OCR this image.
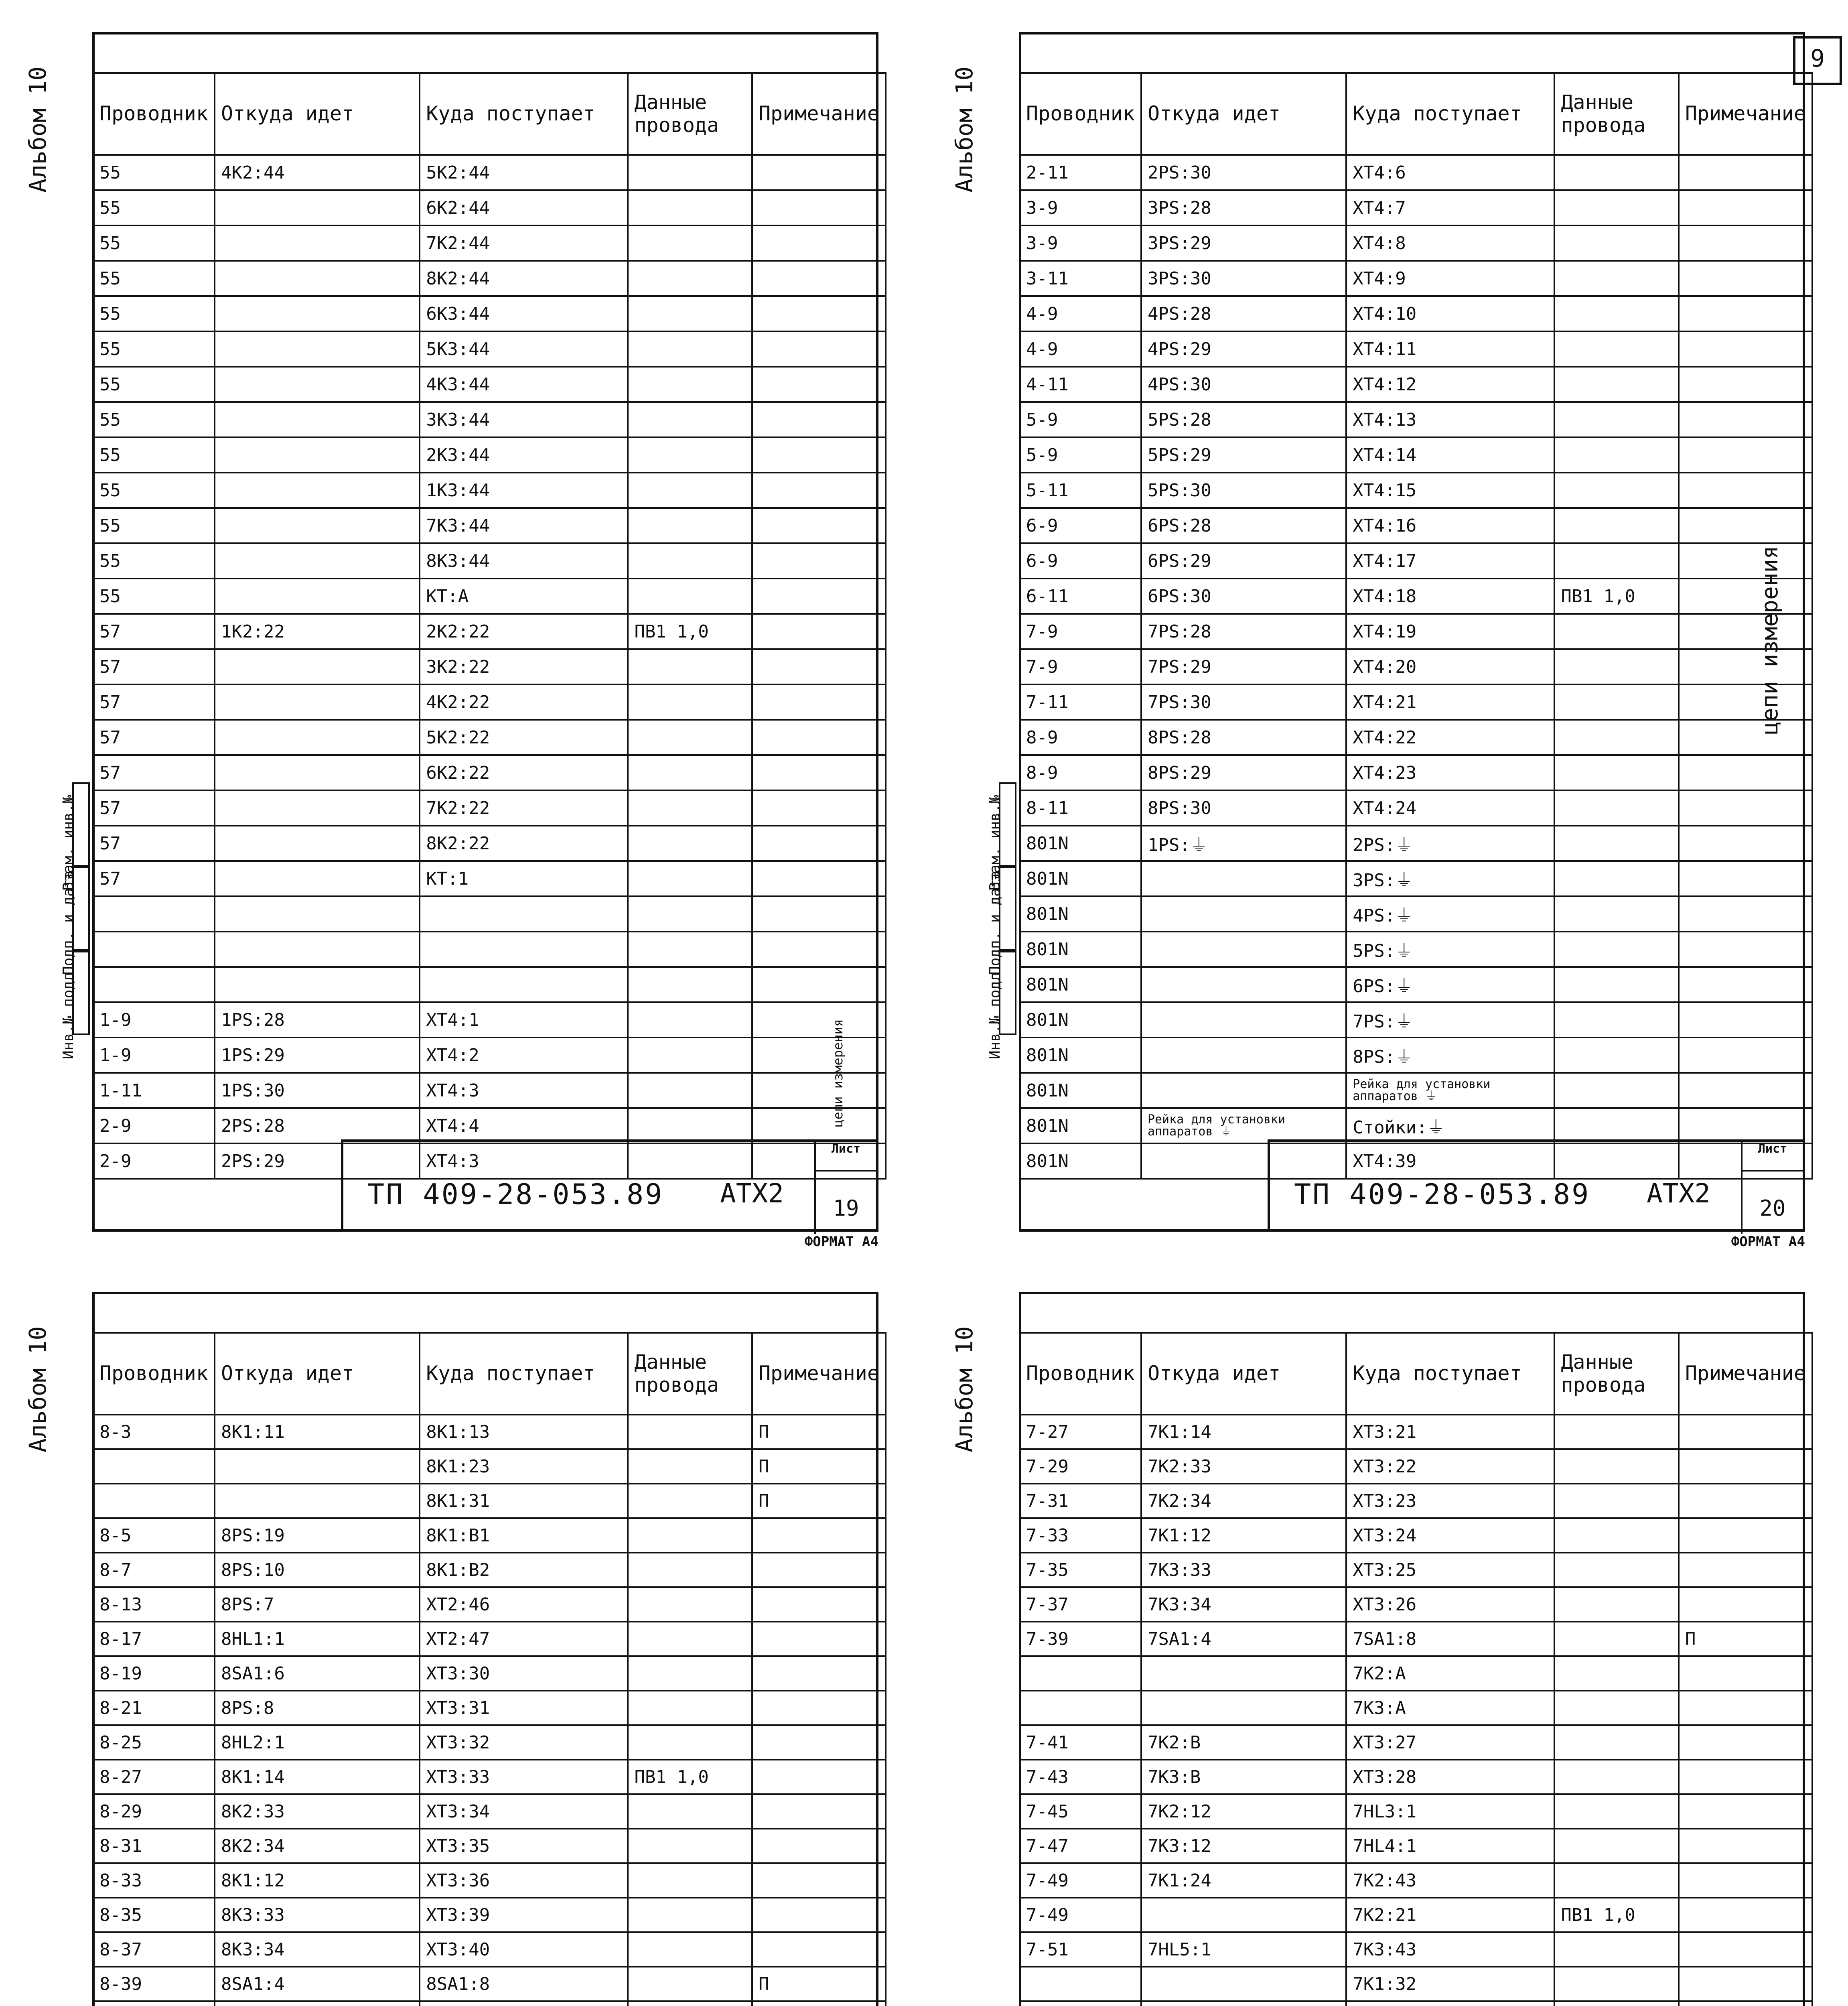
9
Альбом 10
Инв.№ подл.
Подп. и дата
Взам. инв.№
Проводник	Откуда идет	Куда поступает	Данные провода	Примечание
55	4К2:44	5К2:44		
55		6К2:44		
55		7К2:44		
55		8К2:44		
55		6К3:44		
55		5К3:44		
55		4К3:44		
55		3К3:44		
55		2К3:44		
55		1К3:44		
55		7К3:44		
55		8К3:44		
55		КТ:А		
57	1К2:22	2К2:22	ПВ1 1,0	
57		3К2:22		
57		4К2:22		
57		5К2:22		
57		6К2:22		
57		7К2:22		
57		8К2:22		
57		КТ:1		

1-9	1PS:28	ХТ4:1		
1-9	1PS:29	ХТ4:2		
1-11	1PS:30	ХТ4:3		
2-9	2PS:28	ХТ4:4		
2-9	2PS:29	ХТ4:3		
цепи измерения
ТП 409-28-053.89 АТХ2
Лист
19
ФОРМАТ А4
Альбом 10
Инв.№ подл.
Подп. и дата
Взам. инв.№
Проводник	Откуда идет	Куда поступает	Данные провода	Примечание
2-11	2PS:30	ХТ4:6		
3-9	3PS:28	ХТ4:7		
3-9	3PS:29	ХТ4:8		
3-11	3PS:30	ХТ4:9		
4-9	4PS:28	ХТ4:10		
4-9	4PS:29	ХТ4:11		
4-11	4PS:30	ХТ4:12		
5-9	5PS:28	ХТ4:13		
5-9	5PS:29	ХТ4:14		
5-11	5PS:30	ХТ4:15		
6-9	6PS:28	ХТ4:16		
6-9	6PS:29	ХТ4:17		
6-11	6PS:30	ХТ4:18	ПВ1 1,0	
7-9	7PS:28	ХТ4:19		
7-9	7PS:29	ХТ4:20		
7-11	7PS:30	ХТ4:21		
8-9	8PS:28	ХТ4:22		
8-9	8PS:29	ХТ4:23		
8-11	8PS:30	ХТ4:24		
801N	1PS:⏚	2PS:⏚		
801N		3PS:⏚		
801N		4PS:⏚		
801N		5PS:⏚		
801N		6PS:⏚		
801N		7PS:⏚		
801N		8PS:⏚		
801N		Рейка для установки аппаратов ⏚		
801N	Рейка для установки аппаратов ⏚	Стойки:⏚		
801N		ХТ4:39		
цепи измерения
ТП 409-28-053.89 АТХ2
Лист
20
ФОРМАТ А4
Альбом 10 Проводник	Откуда идет	Куда поступает	Данные провода	Примечание
8-3	8К1:11	8К1:13		П
		8К1:23		П
		8К1:31		П
8-5	8PS:19	8К1:В1		
8-7	8PS:10	8К1:В2		
8-13	8PS:7	ХТ2:46		
8-17	8HL1:1	ХТ2:47		
8-19	8SA1:6	ХТ3:30		
8-21	8PS:8	ХТ3:31		
8-25	8HL2:1	ХТ3:32		
8-27	8К1:14	ХТ3:33	ПВ1 1,0	
8-29	8К2:33	ХТ3:34		
8-31	8К2:34	ХТ3:35		
8-33	8К1:12	ХТ3:36		
8-35	8К3:33	ХТ3:39		
8-37	8К3:34	ХТ3:40		
8-39	8SA1:4	8SA1:8		П

Альбом 10 Проводник	Откуда идет	Куда поступает	Данные провода	Примечание
7-27	7К1:14	ХТ3:21		
7-29	7К2:33	ХТ3:22		
7-31	7К2:34	ХТ3:23		
7-33	7К1:12	ХТ3:24		
7-35	7К3:33	ХТ3:25		
7-37	7К3:34	ХТ3:26		
7-39	7SA1:4	7SA1:8		П
		7К2:А		
		7К3:А		
7-41	7К2:В	ХТ3:27		
7-43	7К3:В	ХТ3:28		
7-45	7К2:12	7HL3:1		
7-47	7К3:12	7HL4:1		
7-49	7К1:24	7К2:43		
7-49		7К2:21	ПВ1 1,0	
7-51	7HL5:1	7К3:43		
		7К1:32		
